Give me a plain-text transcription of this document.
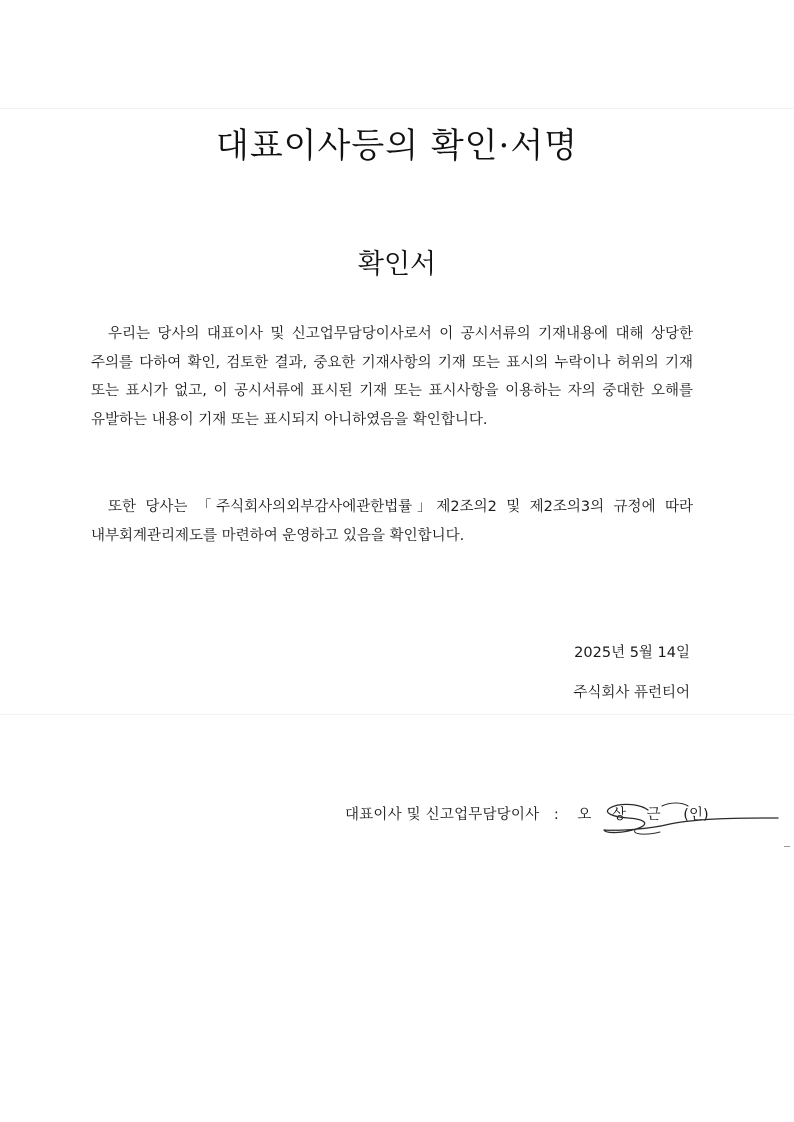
대표이사등의 확인·서명
확인서
우리는 당사의 대표이사 및 신고업무담당이사로서 이 공시서류의 기재내용에 대해 상당한 주의를 다하여 확인, 검토한 결과, 중요한 기재사항의 기재 또는 표시의 누락이나 허위의 기재 또는 표시가 없고, 이 공시서류에 표시된 기재 또는 표시사항을 이용하는 자의 중대한 오해를 유발하는 내용이 기재 또는 표시되지 아니하였음을 확인합니다.
또한 당사는 「주식회사의외부감사에관한법률」제2조의2 및 제2조의3의 규정에 따라 내부회계관리제도를 마련하여 운영하고 있음을 확인합니다.
2025년 5월 14일
주식회사 퓨런티어
대표이사 및 신고업무담당이사 : 오 상 근 (인)
